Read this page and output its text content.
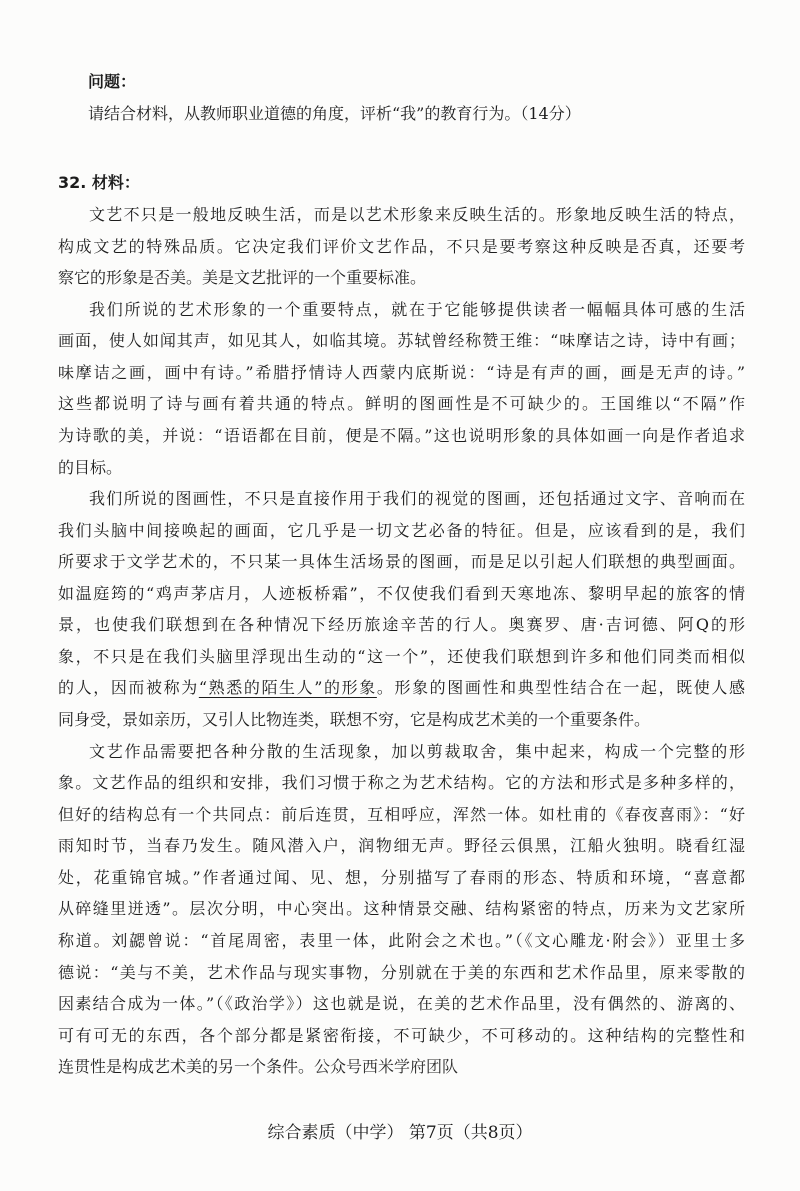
问题：
请结合材料，从教师职业道德的角度，评析“我”的教育行为。（14分）
32. 材料：
文艺不只是一般地反映生活，而是以艺术形象来反映生活的。形象地反映生活的特点，
构成文艺的特殊品质。它决定我们评价文艺作品，不只是要考察这种反映是否真，还要考
察它的形象是否美。美是文艺批评的一个重要标准。
我们所说的艺术形象的一个重要特点，就在于它能够提供读者一幅幅具体可感的生活
画面，使人如闻其声，如见其人，如临其境。苏轼曾经称赞王维：“味摩诘之诗，诗中有画；
味摩诘之画，画中有诗。”希腊抒情诗人西蒙内底斯说：“诗是有声的画，画是无声的诗。”
这些都说明了诗与画有着共通的特点。鲜明的图画性是不可缺少的。王国维以“不隔”作
为诗歌的美，并说：“语语都在目前，便是不隔。”这也说明形象的具体如画一向是作者追求
的目标。
我们所说的图画性，不只是直接作用于我们的视觉的图画，还包括通过文字、音响而在
我们头脑中间接唤起的画面，它几乎是一切文艺必备的特征。但是，应该看到的是，我们
所要求于文学艺术的，不只某一具体生活场景的图画，而是足以引起人们联想的典型画面。
如温庭筠的“鸡声茅店月，人迹板桥霜”，不仅使我们看到天寒地冻、黎明早起的旅客的情
景，也使我们联想到在各种情况下经历旅途辛苦的行人。奥赛罗、唐·吉诃德、阿Q的形
象，不只是在我们头脑里浮现出生动的“这一个”，还使我们联想到许多和他们同类而相似
的人，因而被称为“熟悉的陌生人”的形象。形象的图画性和典型性结合在一起，既使人感
同身受，景如亲历，又引人比物连类，联想不穷，它是构成艺术美的一个重要条件。
文艺作品需要把各种分散的生活现象，加以剪裁取舍，集中起来，构成一个完整的形
象。文艺作品的组织和安排，我们习惯于称之为艺术结构。它的方法和形式是多种多样的，
但好的结构总有一个共同点：前后连贯，互相呼应，浑然一体。如杜甫的《春夜喜雨》：“好
雨知时节，当春乃发生。随风潜入户，润物细无声。野径云俱黑，江船火独明。晓看红湿
处，花重锦官城。”作者通过闻、见、想，分别描写了春雨的形态、特质和环境，“喜意都
从碎缝里迸透”。层次分明，中心突出。这种情景交融、结构紧密的特点，历来为文艺家所
称道。刘勰曾说：“首尾周密，表里一体，此附会之术也。”（《文心雕龙·附会》）亚里士多
德说：“美与不美，艺术作品与现实事物，分别就在于美的东西和艺术作品里，原来零散的
因素结合成为一体。”（《政治学》）这也就是说，在美的艺术作品里，没有偶然的、游离的、
可有可无的东西，各个部分都是紧密衔接，不可缺少，不可移动的。这种结构的完整性和
连贯性是构成艺术美的另一个条件。公众号西米学府团队
综合素质（中学） 第7页（共8页）
